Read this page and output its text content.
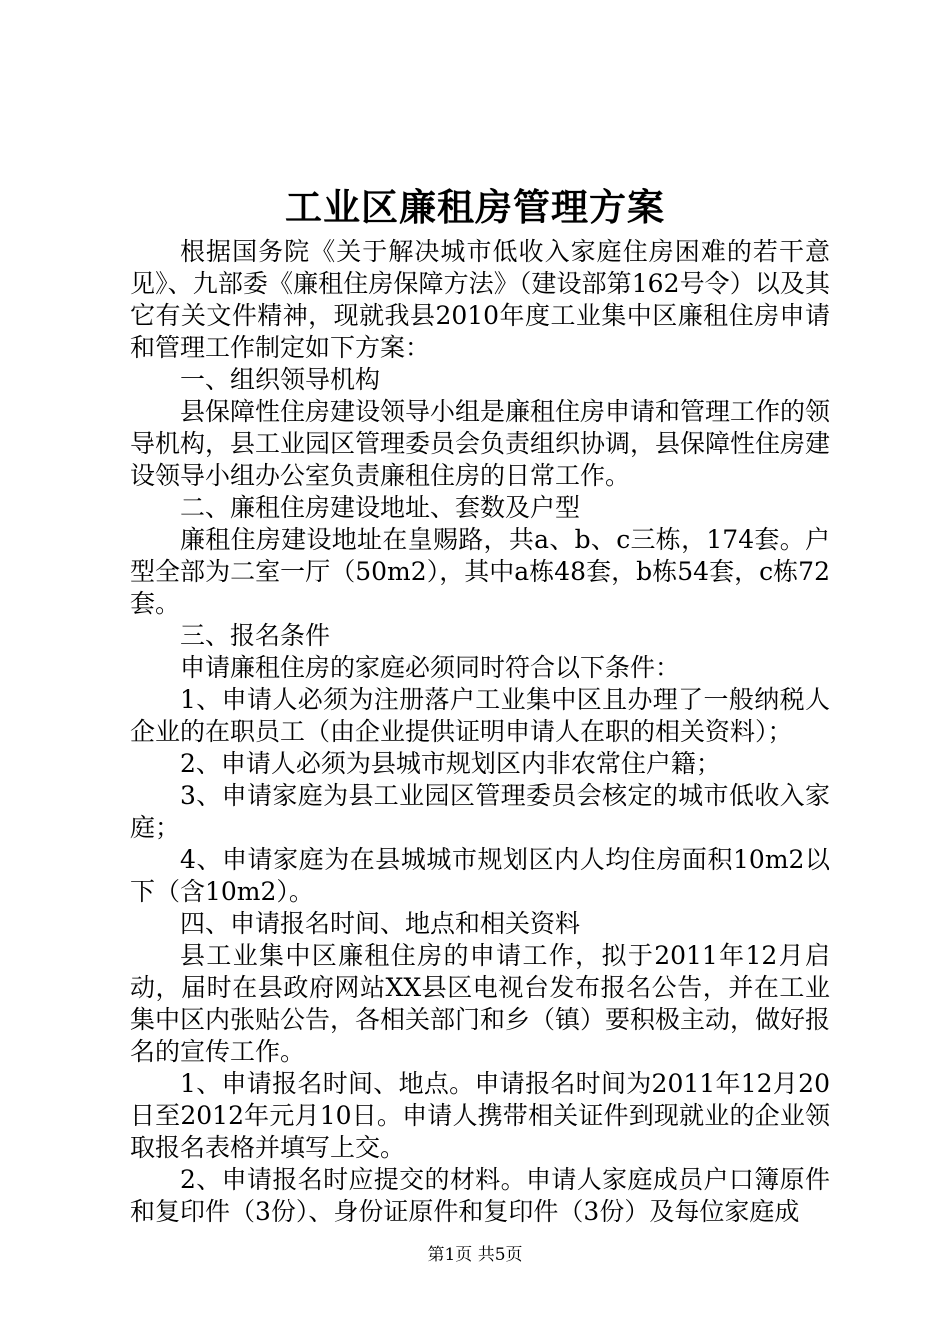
工业区廉租房管理方案

根据国务院《关于解决城市低收入家庭住房困难的若干意见》、九部委《廉租住房保障方法》（建设部第162号令）以及其它有关文件精神，现就我县2010年度工业集中区廉租住房申请和管理工作制定如下方案：

一、组织领导机构

县保障性住房建设领导小组是廉租住房申请和管理工作的领导机构，县工业园区管理委员会负责组织协调，县保障性住房建设领导小组办公室负责廉租住房的日常工作。

二、廉租住房建设地址、套数及户型

廉租住房建设地址在皇赐路，共a、b、c三栋，174套。户型全部为二室一厅（50m2），其中a栋48套，b栋54套，c栋72套。

三、报名条件

申请廉租住房的家庭必须同时符合以下条件：

1、申请人必须为注册落户工业集中区且办理了一般纳税人企业的在职员工（由企业提供证明申请人在职的相关资料）；

2、申请人必须为县城市规划区内非农常住户籍；

3、申请家庭为县工业园区管理委员会核定的城市低收入家庭；

4、申请家庭为在县城城市规划区内人均住房面积10m2以下（含10m2）。

四、申请报名时间、地点和相关资料

县工业集中区廉租住房的申请工作，拟于2011年12月启动，届时在县政府网站XX县区电视台发布报名公告，并在工业集中区内张贴公告，各相关部门和乡（镇）要积极主动，做好报名的宣传工作。

1、申请报名时间、地点。申请报名时间为2011年12月20日至2012年元月10日。申请人携带相关证件到现就业的企业领取报名表格并填写上交。

2、申请报名时应提交的材料。申请人家庭成员户口簿原件和复印件（3份）、身份证原件和复印件（3份）及每位家庭成

第1页 共5页
